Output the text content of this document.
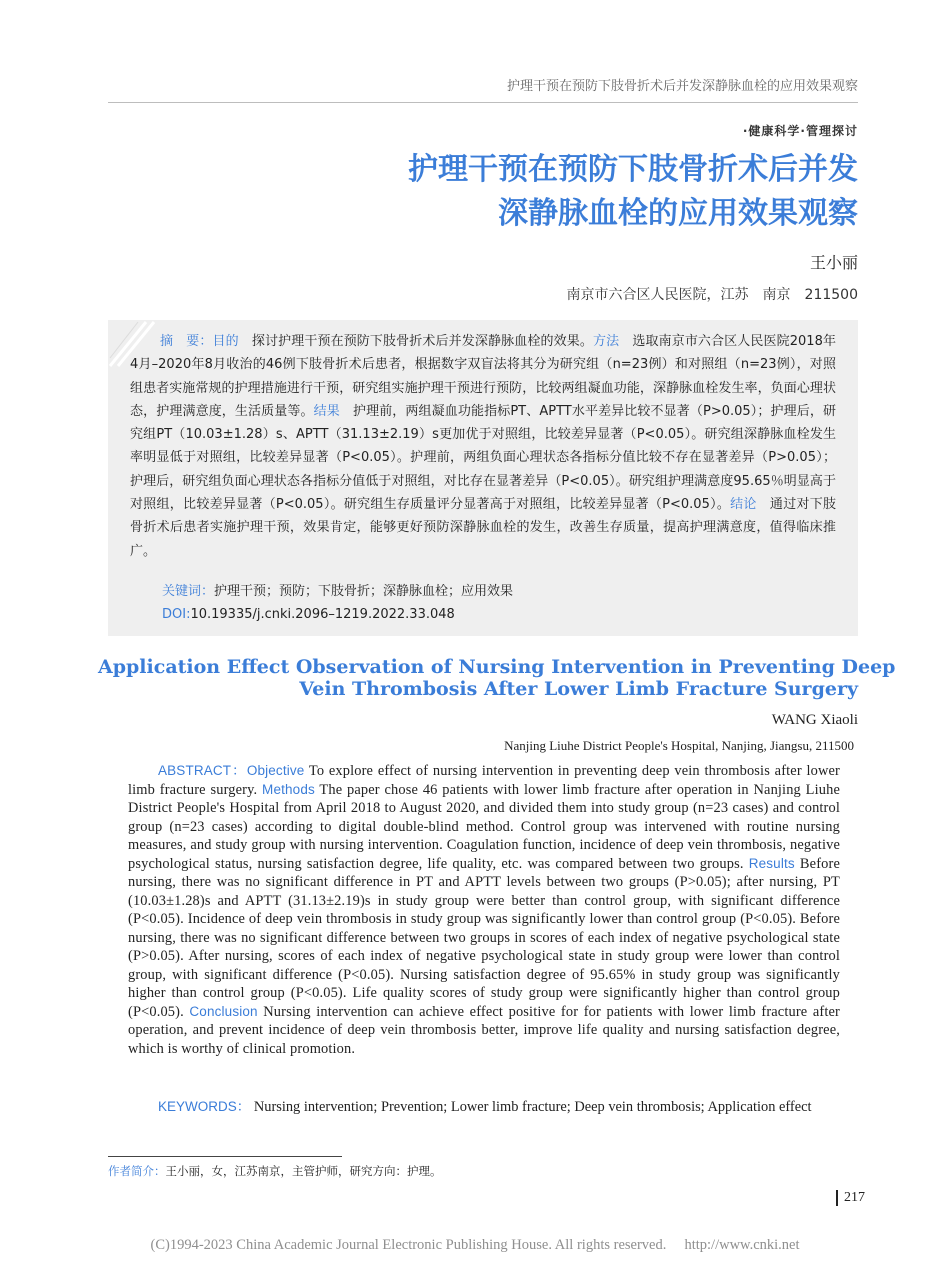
护理干预在预防下肢骨折术后并发深静脉血栓的应用效果观察
·健康科学·管理探讨
护理干预在预防下肢骨折术后并发
深静脉血栓的应用效果观察
王小丽
南京市六合区人民医院，江苏　南京　211500
摘　要：目的　探讨护理干预在预防下肢骨折术后并发深静脉血栓的效果。方法　选取南京市六合区人民医院2018年4月–2020年8月收治的46例下肢骨折术后患者，根据数字双盲法将其分为研究组（n=23例）和对照组（n=23例），对照组患者实施常规的护理措施进行干预，研究组实施护理干预进行预防，比较两组凝血功能，深静脉血栓发生率，负面心理状态，护理满意度，生活质量等。结果　护理前，两组凝血功能指标PT、APTT水平差异比较不显著（P>0.05）；护理后，研究组PT（10.03±1.28）s、APTT（31.13±2.19）s更加优于对照组，比较差异显著（P<0.05）。研究组深静脉血栓发生率明显低于对照组，比较差异显著（P<0.05）。护理前，两组负面心理状态各指标分值比较不存在显著差异（P>0.05）；护理后，研究组负面心理状态各指标分值低于对照组，对比存在显著差异（P<0.05）。研究组护理满意度95.65％明显高于对照组，比较差异显著（P<0.05）。研究组生存质量评分显著高于对照组，比较差异显著（P<0.05）。结论　通过对下肢骨折术后患者实施护理干预，效果肯定，能够更好预防深静脉血栓的发生，改善生存质量，提高护理满意度，值得临床推广。
关键词：护理干预；预防；下肢骨折；深静脉血栓；应用效果
DOI:10.19335/j.cnki.2096–1219.2022.33.048
Application Effect Observation of Nursing Intervention in Preventing Deep
Vein Thrombosis After Lower Limb Fracture Surgery
WANG Xiaoli
Nanjing Liuhe District People's Hospital, Nanjing, Jiangsu, 211500
ABSTRACT：Objective To explore effect of nursing intervention in preventing deep vein thrombosis after lower limb fracture surgery. Methods The paper chose 46 patients with lower limb fracture after operation in Nanjing Liuhe District People's Hospital from April 2018 to August 2020, and divided them into study group (n=23 cases) and control group (n=23 cases) according to digital double-blind method. Control group was intervened with routine nursing measures, and study group with nursing intervention. Coagulation function, incidence of deep vein thrombosis, negative psychological status, nursing satisfaction degree, life quality, etc. was compared between two groups. Results Before nursing, there was no significant difference in PT and APTT levels between two groups (P>0.05); after nursing, PT (10.03±1.28)s and APTT (31.13±2.19)s in study group were better than control group, with significant difference (P<0.05). Incidence of deep vein thrombosis in study group was significantly lower than control group (P<0.05). Before nursing, there was no significant difference between two groups in scores of each index of negative psychological state (P>0.05). After nursing, scores of each index of negative psychological state in study group were lower than control group, with significant difference (P<0.05). Nursing satisfaction degree of 95.65% in study group was significantly higher than control group (P<0.05). Life quality scores of study group were significantly higher than control group (P<0.05). Conclusion Nursing intervention can achieve effect positive for for patients with lower limb fracture after operation, and prevent incidence of deep vein thrombosis better, improve life quality and nursing satisfaction degree, which is worthy of clinical promotion.
KEYWORDS： Nursing intervention; Prevention; Lower limb fracture; Deep vein thrombosis; Application effect
作者简介：王小丽，女，江苏南京，主管护师，研究方向：护理。
217
(C)1994-2023 China Academic Journal Electronic Publishing House. All rights reserved.　 http://www.cnki.net
